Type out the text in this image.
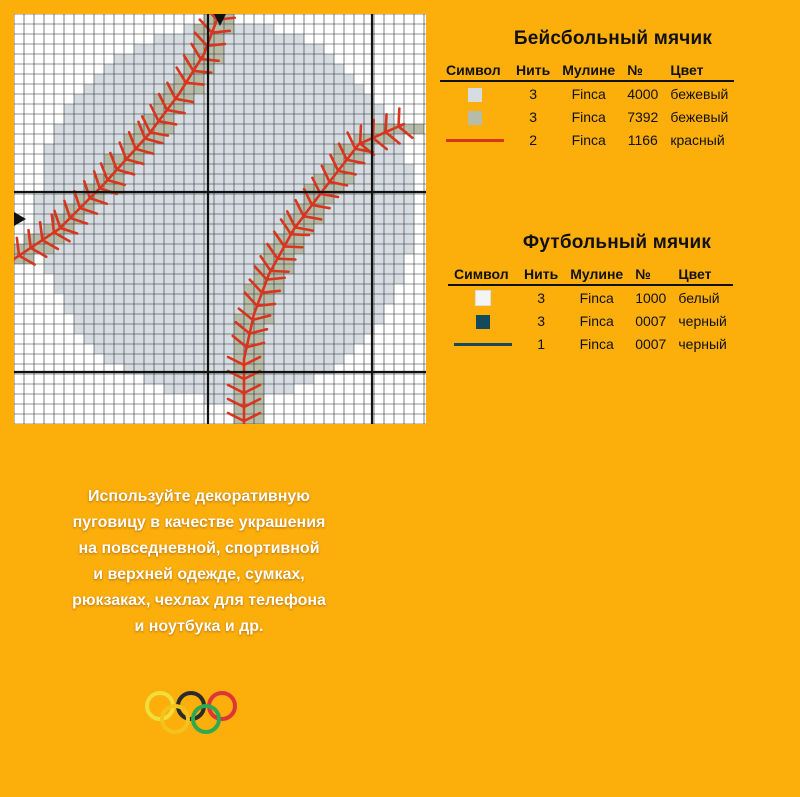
Бейсбольный мячик
Символ	Нить	Мулине	№	Цвет
	3	Finca	4000	бежевый
	3	Finca	7392	бежевый
	2	Finca	1166	красный
Футбольный мячик
Символ	Нить	Мулине	№	Цвет
	3	Finca	1000	белый
	3	Finca	0007	черный
	1	Finca	0007	черный
Используйте декоративную
пуговицу в качестве украшения
на повседневной, спортивной
и верхней одежде, сумках,
рюкзаках, чехлах для телефона
и ноутбука и др.
